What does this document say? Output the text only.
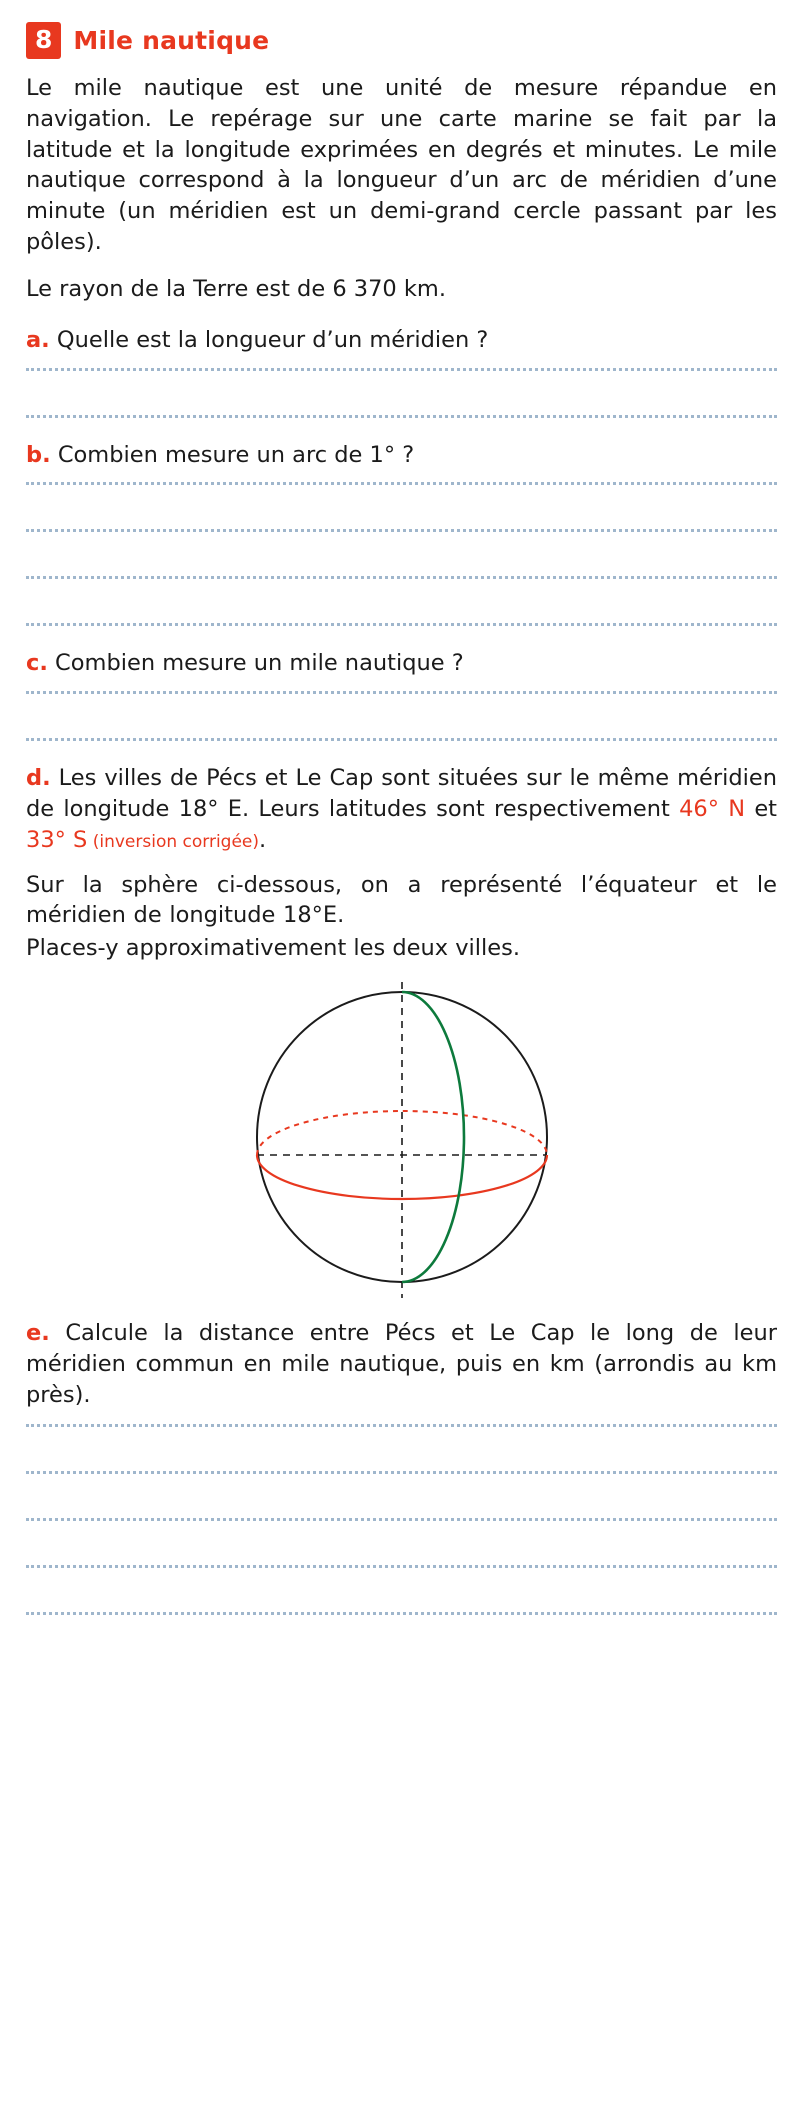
8 Mile nautique

Le mile nautique est une unité de mesure répandue en navigation. Le repérage sur une carte marine se fait par la latitude et la longitude exprimées en degrés et minutes. Le mile nautique correspond à la longueur d’un arc de méridien d’une minute (un méridien est un demi-grand cercle passant par les pôles).

Le rayon de la Terre est de 6 370 km.

a. Quelle est la longueur d’un méridien ?

b. Combien mesure un arc de 1° ?

c. Combien mesure un mile nautique ?

d. Les villes de Pécs et Le Cap sont situées sur le même méridien de longitude 18° E. Leurs latitudes sont respectivement 46° N et 33° S (inversion corrigée).

Sur la sphère ci-dessous, on a représenté l’équateur et le méridien de longitude 18°E.

Places-y approximativement les deux villes.

e. Calcule la distance entre Pécs et Le Cap le long de leur méridien commun en mile nautique, puis en km (arrondis au km près).
